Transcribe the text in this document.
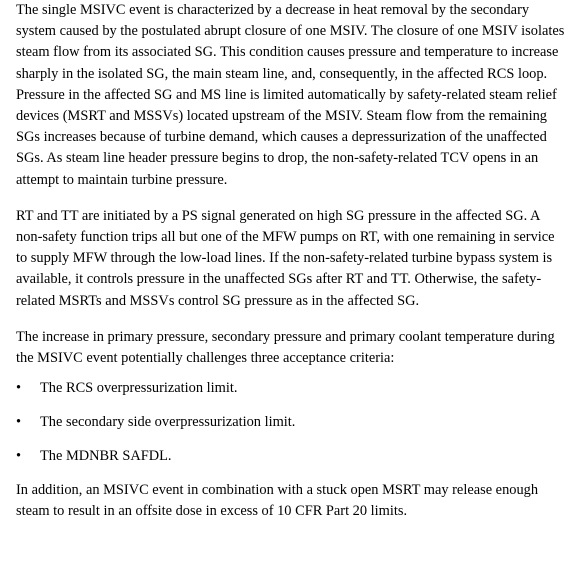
The single MSIVC event is characterized by a decrease in heat removal by the secondary system caused by the postulated abrupt closure of one MSIV. The closure of one MSIV isolates steam flow from its associated SG. This condition causes pressure and temperature to increase sharply in the isolated SG, the main steam line, and, consequently, in the affected RCS loop. Pressure in the affected SG and MS line is limited automatically by safety-related steam relief devices (MSRT and MSSVs) located upstream of the MSIV. Steam flow from the remaining SGs increases because of turbine demand, which causes a depressurization of the unaffected SGs. As steam line header pressure begins to drop, the non-safety-related TCV opens in an attempt to maintain turbine pressure.

RT and TT are initiated by a PS signal generated on high SG pressure in the affected SG. A non-safety function trips all but one of the MFW pumps on RT, with one remaining in service to supply MFW through the low-load lines. If the non-safety-related turbine bypass system is available, it controls pressure in the unaffected SGs after RT and TT. Otherwise, the safety-related MSRTs and MSSVs control SG pressure as in the affected SG.

The increase in primary pressure, secondary pressure and primary coolant temperature during the MSIVC event potentially challenges three acceptance criteria:

• The RCS overpressurization limit.
• The secondary side overpressurization limit.
• The MDNBR SAFDL.

In addition, an MSIVC event in combination with a stuck open MSRT may release enough steam to result in an offsite dose in excess of 10 CFR Part 20 limits.
